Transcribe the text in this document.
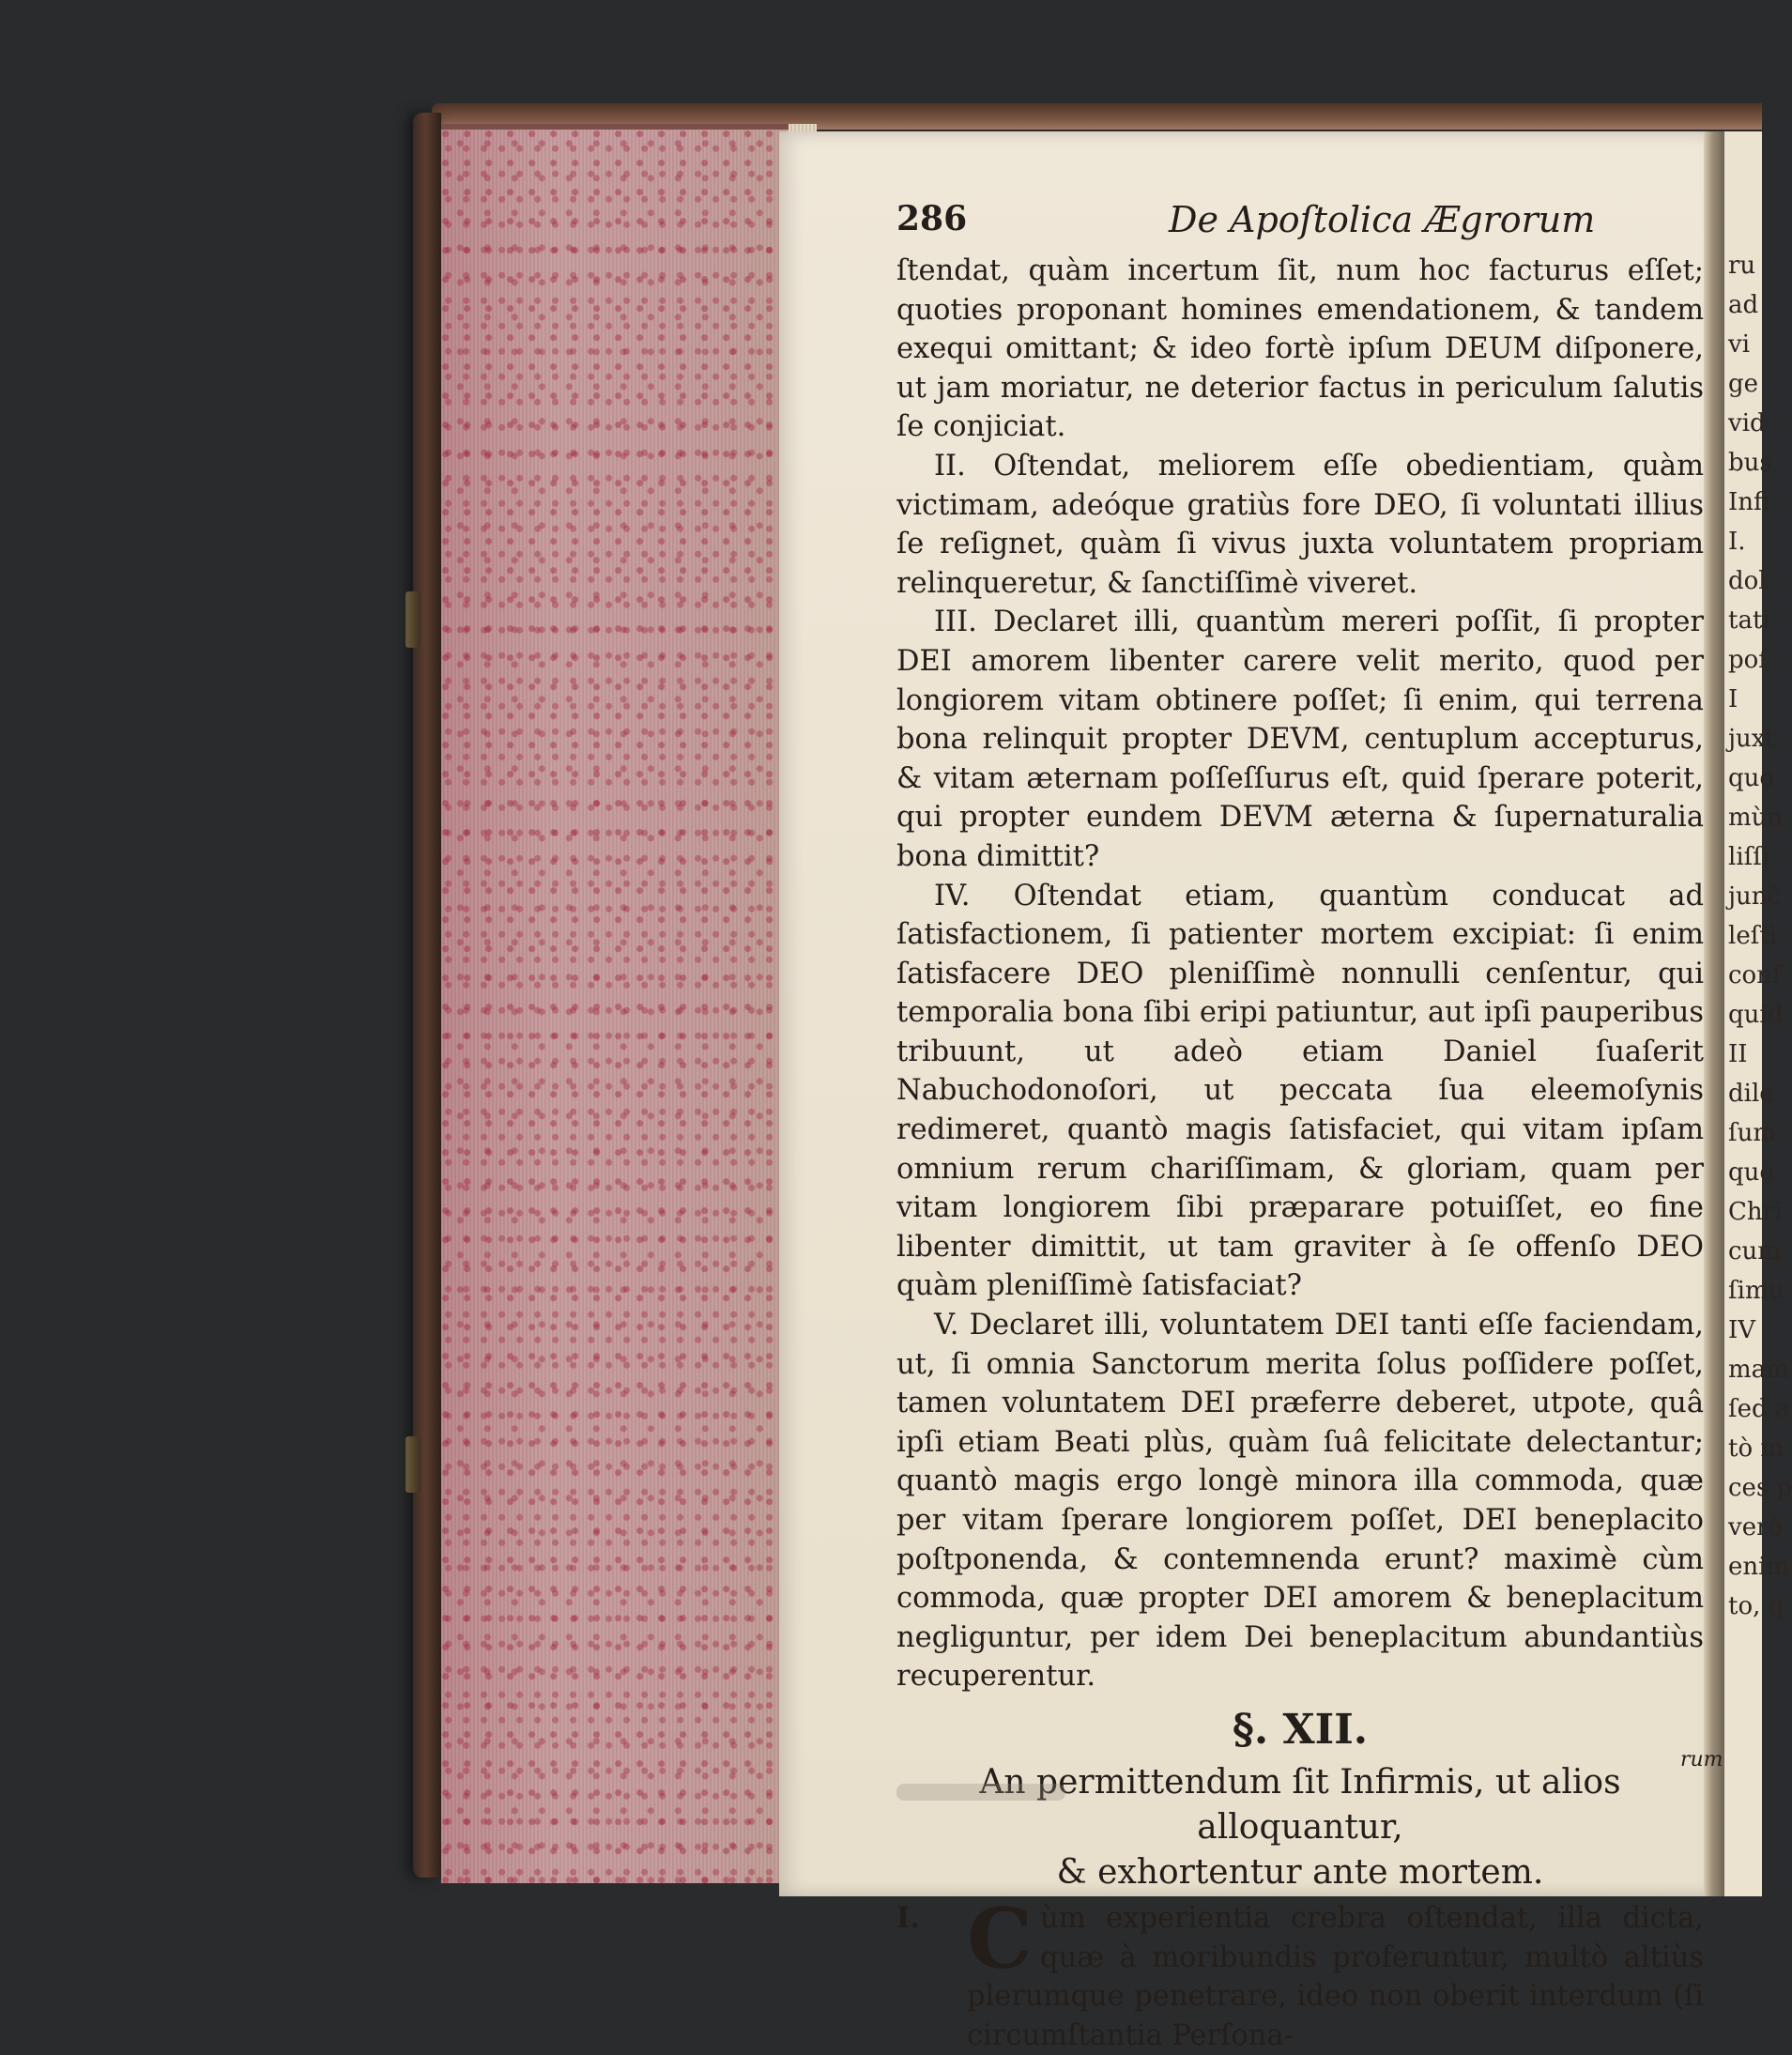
ru
ad
vi
ge
vid
bus
Infi
I.
dol
tati
poſ
I
juxt
quo
mùn
liſſi
junč
leſti
conſ
quid
II
dile
ſum
que
Chri
cum
ſimu
IV
mam
ſed a
tò m
ces p
verò
enim
to, q
286	De Apoſtolica Ægrorum

ſtendat, quàm incertum ſit, num hoc facturus eſſet; quoties proponant homines emendationem, & tandem exequi omittant; & ideo fortè ipſum DEUM diſponere, ut jam moriatur, ne deterior factus in periculum ſalutis ſe conjiciat.

II. Oſtendat, meliorem eſſe obedientiam, quàm victimam, adeóque gratiùs fore DEO, ſi voluntati illius ſe reſignet, quàm ſi vivus juxta voluntatem propriam relinqueretur, & ſanctiſſimè viveret.

III. Declaret illi, quantùm mereri poſſit, ſi propter DEI amorem libenter carere velit merito, quod per longiorem vitam obtinere poſſet; ſi enim, qui terrena bona relinquit propter DEVM, centuplum accepturus, & vitam æternam poſſeſſurus eſt, quid ſperare poterit, qui propter eundem DEVM æterna & ſupernaturalia bona dimittit?

IV. Oſtendat etiam, quantùm conducat ad ſatisfactionem, ſi patienter mortem excipiat: ſi enim ſatisfacere DEO pleniſſimè nonnulli cenſentur, qui temporalia bona ſibi eripi patiuntur, aut ipſi pauperibus tribuunt, ut adeò etiam Daniel ſuaſerit Nabuchodonoſori, ut peccata ſua eleemoſynis redimeret, quantò magis ſatisfaciet, qui vitam ipſam omnium rerum chariſſimam, & gloriam, quam per vitam longiorem ſibi præparare potuiſſet, eo fine libenter dimittit, ut tam graviter à ſe offenſo DEO quàm pleniſſimè ſatisfaciat?

V. Declaret illi, voluntatem DEI tanti eſſe faciendam, ut, ſi omnia Sanctorum merita ſolus poſſidere poſſet, tamen voluntatem DEI præferre deberet, utpote, quâ ipſi etiam Beati plùs, quàm ſuâ felicitate delectantur; quantò magis ergo longè minora illa commoda, quæ per vitam ſperare longiorem poſſet, DEI beneplacito poſtponenda, & contemnenda erunt? maximè cùm commoda, quæ propter DEI amorem & beneplacitum negliguntur, per idem Dei beneplacitum abundantiùs recuperentur.

§. XII.
An permittendum ſit Infirmis, ut alios alloquantur,
& exhortentur ante mortem.

I. C ùm experientia crebra oſtendat, illa dicta, quæ à moribundis proferuntur, multò altiùs plerumque penetrare, ideo non oberit interdum (ſi circumſtantia Perſona-

rum
